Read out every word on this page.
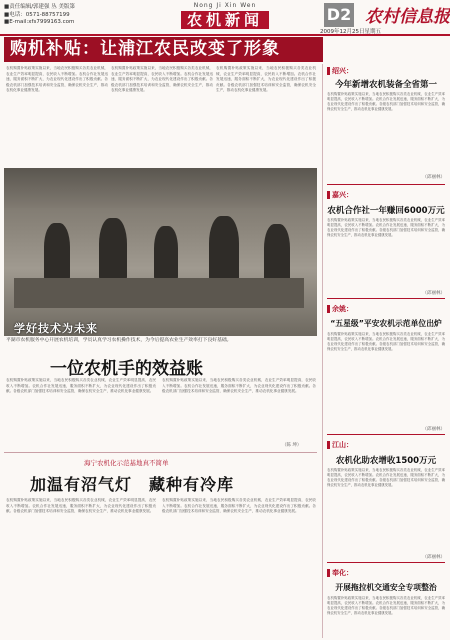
■责任编辑/郭建强 丛 美版第
■电话：0571-88757199
■E-mail:xfs7999163.com
Nong Ji Xin Wen
农机新闻	D2 农村信息报
2009年12月25日星期五
购机补贴：让浦江农民改变了形象
农机购置补贴政策实施以来，当地农民积极购买各类农业机械，农业生产效率明显提高，农民收入不断增加。农机合作社发展迅速，服务面积不断扩大，为农业现代化建设作出了积极贡献。各级农机部门加强技术培训和安全监管，确保农机安全生产，推动农机化事业健康发展。
农机购置补贴政策实施以来，当地农民积极购买各类农业机械，农业生产效率明显提高，农民收入不断增加。农机合作社发展迅速，服务面积不断扩大，为农业现代化建设作出了积极贡献。各级农机部门加强技术培训和安全监管，确保农机安全生产，推动农机化事业健康发展。
农机购置补贴政策实施以来，当地农民积极购买各类农业机械，农业生产效率明显提高，农民收入不断增加。农机合作社发展迅速，服务面积不断扩大，为农业现代化建设作出了积极贡献。各级农机部门加强技术培训和安全监管，确保农机安全生产，推动农机化事业健康发展。
学好技术为未来
平湖市农机服务中心开展农机培训，学员认真学习农机操作技术，为今后提高农业生产效率打下良好基础。
一位农机手的效益账
农机购置补贴政策实施以来，当地农民积极购买各类农业机械，农业生产效率明显提高，农民收入不断增加。农机合作社发展迅速，服务面积不断扩大，为农业现代化建设作出了积极贡献。各级农机部门加强技术培训和安全监管，确保农机安全生产，推动农机化事业健康发展。
农机购置补贴政策实施以来，当地农民积极购买各类农业机械，农业生产效率明显提高，农民收入不断增加。农机合作社发展迅速，服务面积不断扩大，为农业现代化建设作出了积极贡献。各级农机部门加强技术培训和安全监管，确保农机安全生产，推动农机化事业健康发展。
（陈 坤）
海宁农机化示范基地真不简单
加温有沼气灯　藏种有冷库
农机购置补贴政策实施以来，当地农民积极购买各类农业机械，农业生产效率明显提高，农民收入不断增加。农机合作社发展迅速，服务面积不断扩大，为农业现代化建设作出了积极贡献。各级农机部门加强技术培训和安全监管，确保农机安全生产，推动农机化事业健康发展。
农机购置补贴政策实施以来，当地农民积极购买各类农业机械，农业生产效率明显提高，农民收入不断增加。农机合作社发展迅速，服务面积不断扩大，为农业现代化建设作出了积极贡献。各级农机部门加强技术培训和安全监管，确保农机安全生产，推动农机化事业健康发展。
绍兴：
今年新增农机装备全省第一
农机购置补贴政策实施以来，当地农民积极购买各类农业机械，农业生产效率明显提高，农民收入不断增加。农机合作社发展迅速，服务面积不断扩大，为农业现代化建设作出了积极贡献。各级农机部门加强技术培训和安全监管，确保农机安全生产，推动农机化事业健康发展。
（邱丽林）
嘉兴：
农机合作社一年赚回6000万元
农机购置补贴政策实施以来，当地农民积极购买各类农业机械，农业生产效率明显提高，农民收入不断增加。农机合作社发展迅速，服务面积不断扩大，为农业现代化建设作出了积极贡献。各级农机部门加强技术培训和安全监管，确保农机安全生产，推动农机化事业健康发展。
（邱丽林）
余姚：
“五星级”平安农机示范单位出炉
农机购置补贴政策实施以来，当地农民积极购买各类农业机械，农业生产效率明显提高，农民收入不断增加。农机合作社发展迅速，服务面积不断扩大，为农业现代化建设作出了积极贡献。各级农机部门加强技术培训和安全监管，确保农机安全生产，推动农机化事业健康发展。
（邱丽林）
江山：
农机化助农增收1500万元
农机购置补贴政策实施以来，当地农民积极购买各类农业机械，农业生产效率明显提高，农民收入不断增加。农机合作社发展迅速，服务面积不断扩大，为农业现代化建设作出了积极贡献。各级农机部门加强技术培训和安全监管，确保农机安全生产，推动农机化事业健康发展。
（邱丽林）
奉化：
开展拖拉机交通安全专项整治
农机购置补贴政策实施以来，当地农民积极购买各类农业机械，农业生产效率明显提高，农民收入不断增加。农机合作社发展迅速，服务面积不断扩大，为农业现代化建设作出了积极贡献。各级农机部门加强技术培训和安全监管，确保农机安全生产，推动农机化事业健康发展。
